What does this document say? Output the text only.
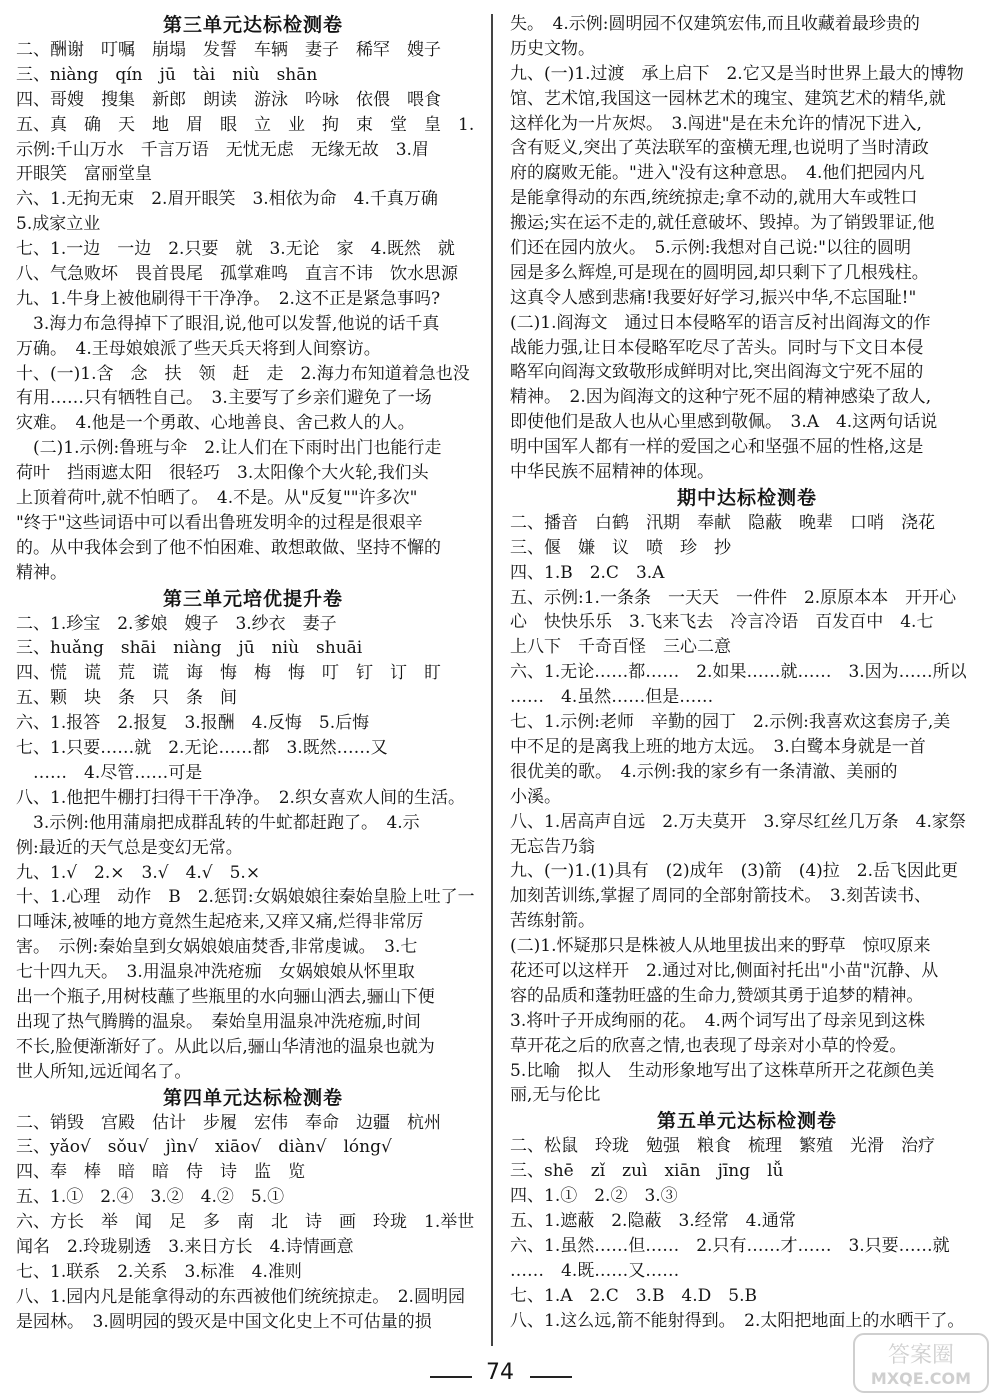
第三单元达标检测卷
二、酬谢　叮嘱　崩塌　发誓　车辆　妻子　稀罕　嫂子
三、niàng　qín　jū　tài　niù　shān
四、哥嫂　搜集　新郎　朗读　游泳　吟咏　依偎　喂食
五、真　确　天　地　眉　眼　立　业　拘　束　堂　皇　1.
示例:千山万水　千言万语　无忧无虑　无缘无故　3.眉
开眼笑　富丽堂皇
六、1.无拘无束　2.眉开眼笑　3.相依为命　4.千真万确
5.成家立业
七、1.一边　一边　2.只要　就　3.无论　家　4.既然　就
八、气急败坏　畏首畏尾　孤掌难鸣　直言不讳　饮水思源
九、1.牛身上被他刷得干干净净。　2.这不正是紧急事吗?
　3.海力布急得掉下了眼泪,说,他可以发誓,他说的话千真
万确。　4.王母娘娘派了些天兵天将到人间察访。
十、(一)1.含　念　扶　领　赶　走　2.海力布知道着急也没
有用……只有牺牲自己。　3.主要写了乡亲们避免了一场
灾难。　4.他是一个勇敢、心地善良、舍己救人的人。
　(二)1.示例:鲁班与伞　2.让人们在下雨时出门也能行走
荷叶　挡雨遮太阳　很轻巧　3.太阳像个大火轮,我们头
上顶着荷叶,就不怕晒了。　4.不是。从"反复""许多次"
"终于"这些词语中可以看出鲁班发明伞的过程是很艰辛
的。从中我体会到了他不怕困难、敢想敢做、坚持不懈的
精神。
第三单元培优提升卷
二、1.珍宝　2.爹娘　嫂子　3.纱衣　妻子
三、huǎng　shāi　niàng　jū　niù　shuāi
四、慌　谎　荒　谎　诲　悔　梅　悔　叮　钉　订　盯
五、颗　块　条　只　条　间
六、1.报答　2.报复　3.报酬　4.反悔　5.后悔
七、1.只要……就　2.无论……都　3.既然……又
　……　4.尽管……可是
八、1.他把牛棚打扫得干干净净。　2.织女喜欢人间的生活。
　3.示例:他用蒲扇把成群乱转的牛虻都赶跑了。　4.示
例:最近的天气总是变幻无常。
九、1.√　2.×　3.√　4.√　5.×
十、1.心理　动作　B　2.惩罚:女娲娘娘往秦始皇脸上吐了一
口唾沫,被唾的地方竟然生起疮来,又痒又痛,烂得非常厉
害。　示例:秦始皇到女娲娘娘庙焚香,非常虔诚。　3.七
七十四九天。　3.用温泉冲洗疮痂　女娲娘娘从怀里取
出一个瓶子,用树枝蘸了些瓶里的水向骊山洒去,骊山下便
出现了热气腾腾的温泉。　秦始皇用温泉冲洗疮痂,时间
不长,脸便渐渐好了。从此以后,骊山华清池的温泉也就为
世人所知,远近闻名了。
第四单元达标检测卷
二、销毁　宫殿　估计　步履　宏伟　奉命　边疆　杭州
三、yǎo√　sǒu√　jìn√　xiāo√　diàn√　lóng√
四、奉　棒　暗　暗　侍　诗　监　览
五、1.①　2.④　3.②　4.②　5.①
六、方长　举　闻　足　多　南　北　诗　画　玲珑　1.举世
闻名　2.玲珑剔透　3.来日方长　4.诗情画意
七、1.联系　2.关系　3.标准　4.准则
八、1.园内凡是能拿得动的东西被他们统统掠走。　2.圆明园
是园林。　3.圆明园的毁灭是中国文化史上不可估量的损
失。　4.示例:圆明园不仅建筑宏伟,而且收藏着最珍贵的
历史文物。
九、(一)1.过渡　承上启下　2.它又是当时世界上最大的博物
馆、艺术馆,我国这一园林艺术的瑰宝、建筑艺术的精华,就
这样化为一片灰烬。　3.闯进"是在未允许的情况下进入,
含有贬义,突出了英法联军的蛮横无理,也说明了当时清政
府的腐败无能。"进入"没有这种意思。　4.他们把园内凡
是能拿得动的东西,统统掠走;拿不动的,就用大车或牲口
搬运;实在运不走的,就任意破坏、毁掉。为了销毁罪证,他
们还在园内放火。　5.示例:我想对自己说:"以往的圆明
园是多么辉煌,可是现在的圆明园,却只剩下了几根残柱。
这真令人感到悲痛!我要好好学习,振兴中华,不忘国耻!"
(二)1.阎海文　通过日本侵略军的语言反衬出阎海文的作
战能力强,让日本侵略军吃尽了苦头。同时与下文日本侵
略军向阎海文致敬形成鲜明对比,突出阎海文宁死不屈的
精神。　2.因为阎海文的这种宁死不屈的精神感染了敌人,
即使他们是敌人也从心里感到敬佩。　3.A　4.这两句话说
明中国军人都有一样的爱国之心和坚强不屈的性格,这是
中华民族不屈精神的体现。
期中达标检测卷
二、播音　白鹤　汛期　奉献　隐蔽　晚辈　口哨　浇花
三、偃　嫌　议　喷　珍　抄
四、1.B　2.C　3.A
五、示例:1.一条条　一天天　一件件　2.原原本本　开开心
心　快快乐乐　3.飞来飞去　冷言冷语　百发百中　4.七
上八下　千奇百怪　三心二意
六、1.无论……都……　2.如果……就……　3.因为……所以
……　4.虽然……但是……
七、1.示例:老师　辛勤的园丁　2.示例:我喜欢这套房子,美
中不足的是离我上班的地方太远。　3.白鹭本身就是一首
很优美的歌。　4.示例:我的家乡有一条清澈、美丽的
小溪。
八、1.居高声自远　2.万夫莫开　3.穿尽红丝几万条　4.家祭
无忘告乃翁
九、(一)1.(1)具有　(2)成年　(3)箭　(4)拉　2.岳飞因此更
加刻苦训练,掌握了周同的全部射箭技术。　3.刻苦读书、
苦练射箭。
(二)1.怀疑那只是株被人从地里拔出来的野草　惊叹原来
花还可以这样开　2.通过对比,侧面衬托出"小苗"沉静、从
容的品质和蓬勃旺盛的生命力,赞颂其勇于追梦的精神。
3.将叶子开成绚丽的花。　4.两个词写出了母亲见到这株
草开花之后的欣喜之情,也表现了母亲对小草的怜爱。
5.比喻　拟人　生动形象地写出了这株草所开之花颜色美
丽,无与伦比
第五单元达标检测卷
二、松鼠　玲珑　勉强　粮食　梳理　繁殖　光滑　治疗
三、shē　zǐ　zuì　xiān　jīng　lǚ
四、1.①　2.②　3.③
五、1.遮蔽　2.隐蔽　3.经常　4.通常
六、1.虽然……但……　2.只有……才……　3.只要……就
……　4.既……又……
七、1.A　2.C　3.B　4.D　5.B
八、1.这么远,箭不能射得到。　2.太阳把地面上的水晒干了。
74
答案圈
MXQE.COM
